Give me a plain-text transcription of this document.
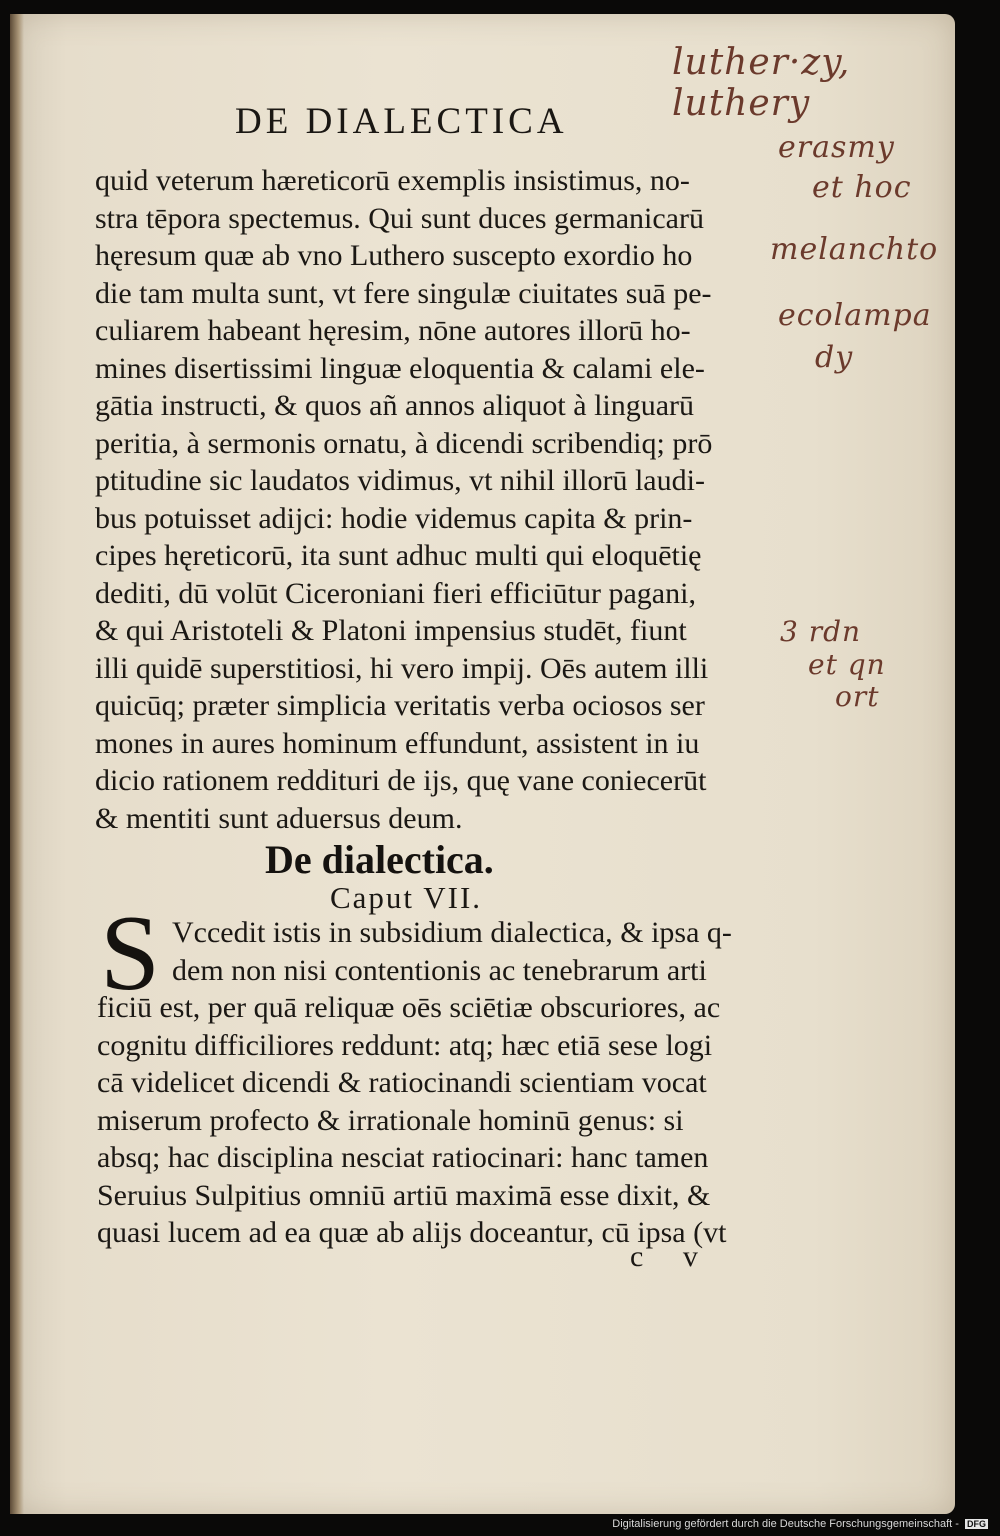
DE DIALECTICA
luther·zy, luthery
erasmy
et hoc
melanchto
ecolampa
dy
3 rdn
et qn
ort
quid veterum hæreticorū exemplis insistimus, no-
stra tēpora spectemus. Qui sunt duces germanicarū
hęresum quæ ab vno Luthero suscepto exordio ho
die tam multa sunt, vt fere singulæ ciuitates suā pe-
culiarem habeant hęresim, nōne autores illorū ho-
mines disertissimi linguæ eloquentia & calami ele-
gātia instructi, & quos añ annos aliquot à linguarū
peritia, à sermonis ornatu, à dicendi scribendiq; prō
ptitudine sic laudatos vidimus, vt nihil illorū laudi-
bus potuisset adijci: hodie videmus capita & prin-
cipes hęreticorū, ita sunt adhuc multi qui eloquētię
dediti, dū volūt Ciceroniani fieri efficiūtur pagani,
& qui Aristoteli & Platoni impensius studēt, fiunt
illi quidē superstitiosi, hi vero impij. Oēs autem illi
quicūq; præter simplicia veritatis verba ociosos ser
mones in aures hominum effundunt, assistent in iu
dicio rationem reddituri de ijs, quę vane coniecerūt
& mentiti sunt aduersus deum.
De dialectica.
Caput VII.
S Vccedit istis in subsidium dialectica, & ipsa q-
dem non nisi contentionis ac tenebrarum arti
ficiū est, per quā reliquæ oēs sciētiæ obscuriores, ac
cognitu difficiliores reddunt: atq; hæc etiā sese logi
cā videlicet dicendi & ratiocinandi scientiam vocat
miserum profecto & irrationale hominū genus: si
absq; hac disciplina nesciat ratiocinari: hanc tamen
Seruius Sulpitius omniū artiū maximā esse dixit, &
quasi lucem ad ea quæ ab alijs doceantur, cū ipsa (vt
c v
Digitalisierung gefördert durch die Deutsche Forschungsgemeinschaft - DFG
